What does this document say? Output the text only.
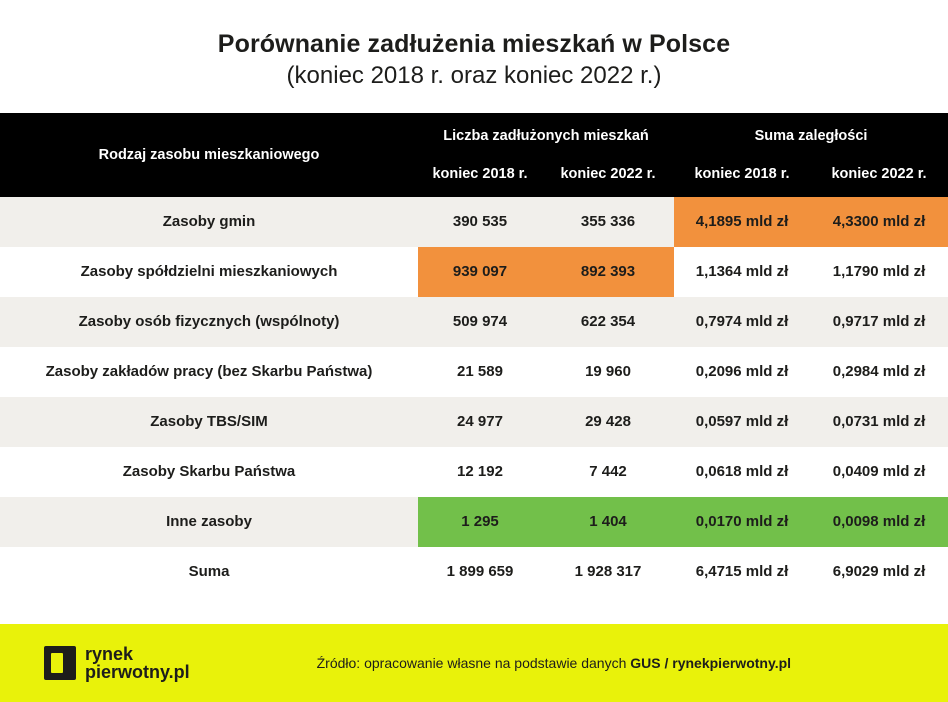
Porównanie zadłużenia mieszkań w Polsce
(koniec 2018 r. oraz koniec 2022 r.)
Rodzaj zasobu mieszkaniowego	Liczba zadłużonych mieszkań		Suma zaległości	

	koniec 2018 r.	koniec 2022 r.	koniec 2018 r.	koniec 2022 r.

Zasoby gmin	390 535	355 336	4,1895 mld zł	4,3300 mld zł
Zasoby spółdzielni mieszkaniowych	939 097	892 393	1,1364 mld zł	1,1790 mld zł
Zasoby osób fizycznych (wspólnoty)	509 974	622 354	0,7974 mld zł	0,9717 mld zł
Zasoby zakładów pracy (bez Skarbu Państwa)	21 589	19 960	0,2096 mld zł	0,2984 mld zł
Zasoby TBS/SIM	24 977	29 428	0,0597 mld zł	0,0731 mld zł
Zasoby Skarbu Państwa	12 192	7 442	0,0618 mld zł	0,0409 mld zł
Inne zasoby	1 295	1 404	0,0170 mld zł	0,0098 mld zł
Suma	1 899 659	1 928 317	6,4715 mld zł	6,9029 mld zł
rynek
pierwotny.pl	Źródło: opracowanie własne na podstawie danych GUS / rynekpierwotny.pl
